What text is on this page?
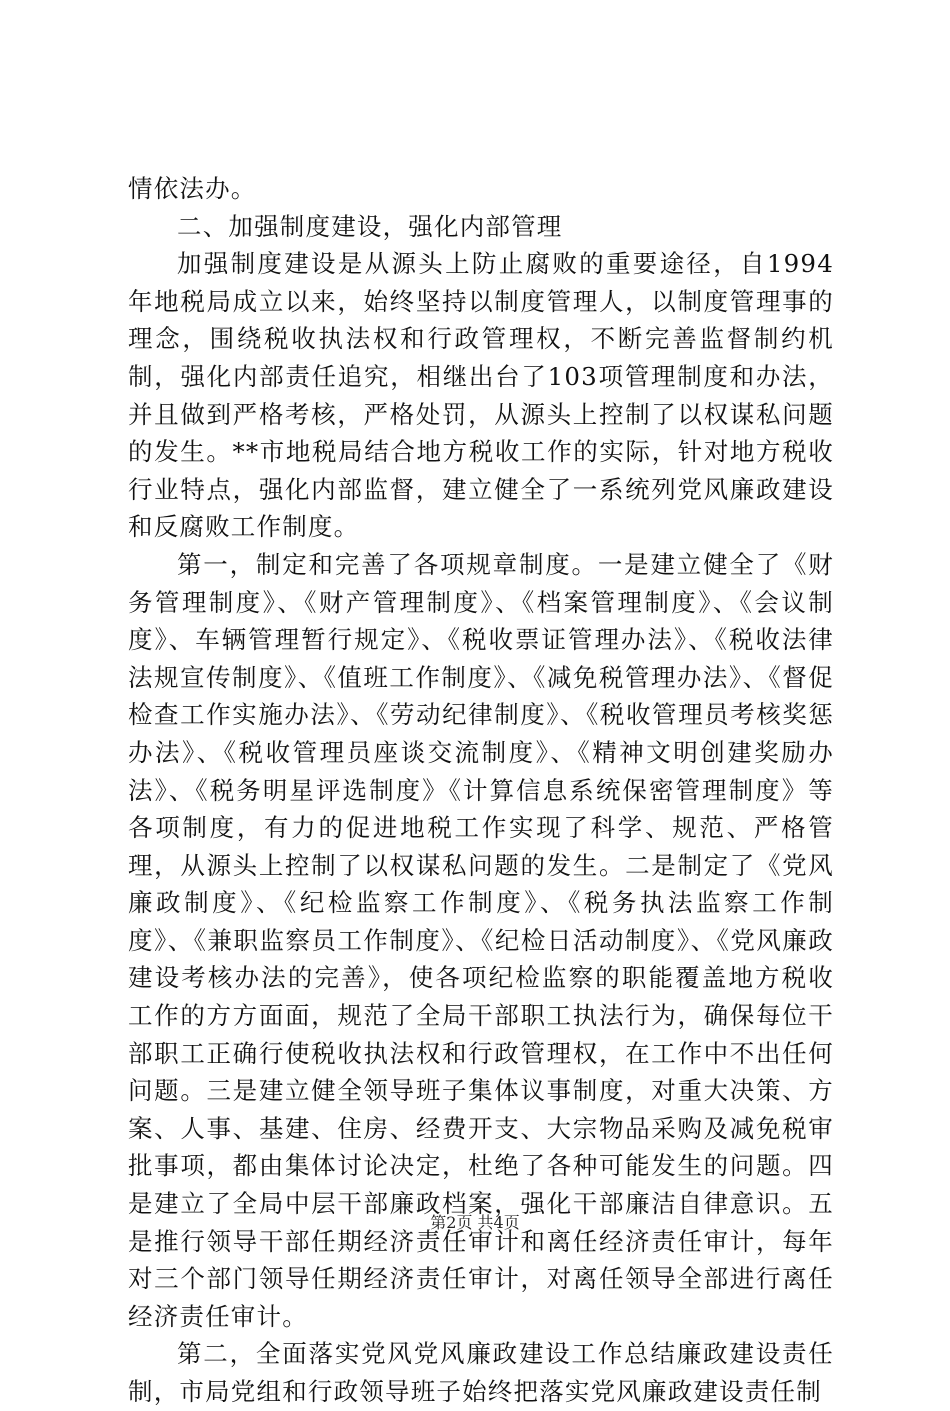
情依法办。

二、加强制度建设，强化内部管理

加强制度建设是从源头上防止腐败的重要途径，自1994年地税局成立以来，始终坚持以制度管理人，以制度管理事的理念，围绕税收执法权和行政管理权，不断完善监督制约机制，强化内部责任追究，相继出台了103项管理制度和办法，并且做到严格考核，严格处罚，从源头上控制了以权谋私问题的发生。**市地税局结合地方税收工作的实际，针对地方税收行业特点，强化内部监督，建立健全了一系统列党风廉政建设和反腐败工作制度。

第一，制定和完善了各项规章制度。一是建立健全了《财务管理制度》、《财产管理制度》、《档案管理制度》、《会议制度》、车辆管理暂行规定》、《税收票证管理办法》、《税收法律法规宣传制度》、《值班工作制度》、《减免税管理办法》、《督促检查工作实施办法》、《劳动纪律制度》、《税收管理员考核奖惩办法》、《税收管理员座谈交流制度》、《精神文明创建奖励办法》、《税务明星评选制度》《计算信息系统保密管理制度》等各项制度，有力的促进地税工作实现了科学、规范、严格管理，从源头上控制了以权谋私问题的发生。二是制定了《党风廉政制度》、《纪检监察工作制度》、《税务执法监察工作制度》、《兼职监察员工作制度》、《纪检日活动制度》、《党风廉政建设考核办法的完善》，使各项纪检监察的职能覆盖地方税收工作的方方面面，规范了全局干部职工执法行为，确保每位干部职工正确行使税收执法权和行政管理权，在工作中不出任何问题。三是建立健全领导班子集体议事制度，对重大决策、方案、人事、基建、住房、经费开支、大宗物品采购及减免税审批事项，都由集体讨论决定，杜绝了各种可能发生的问题。四是建立了全局中层干部廉政档案，强化干部廉洁自律意识。五是推行领导干部任期经济责任审计和离任经济责任审计，每年对三个部门领导任期经济责任审计，对离任领导全部进行离任经济责任审计。

第二，全面落实党风党风廉政建设工作总结廉政建设责任制，市局党组和行政领导班子始终把落实党风廉政建设责任制

第2页 共4页
